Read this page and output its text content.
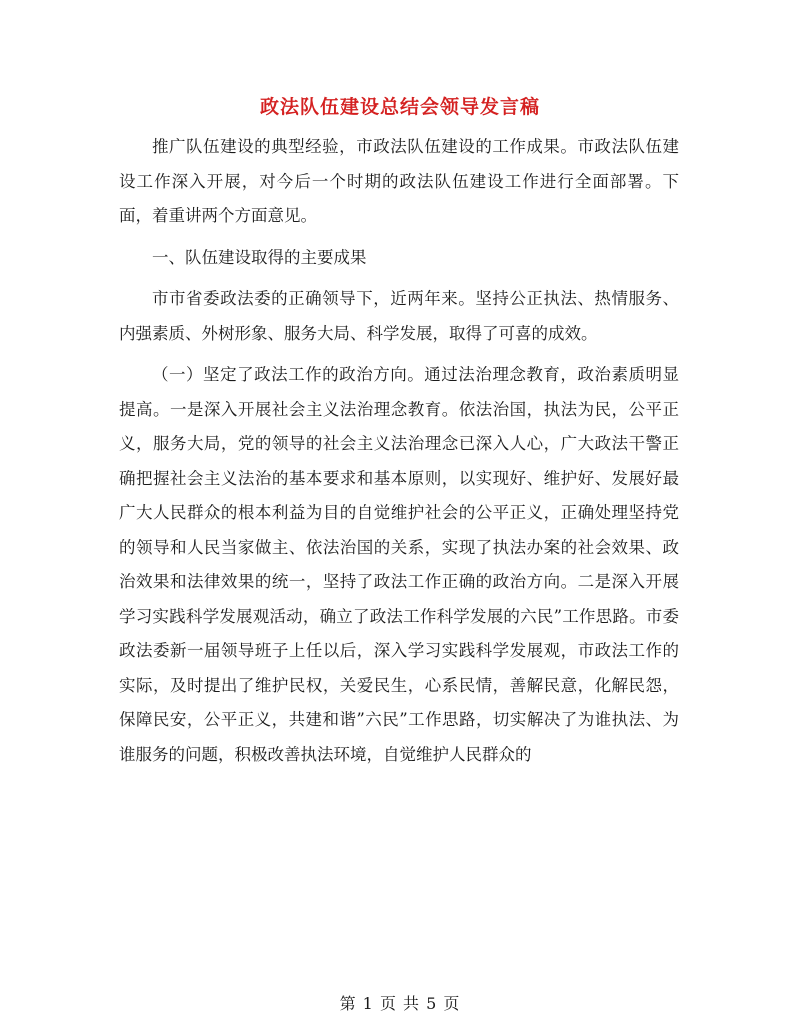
政法队伍建设总结会领导发言稿

推广队伍建设的典型经验，市政法队伍建设的工作成果。市政法队伍建设工作深入开展，对今后一个时期的政法队伍建设工作进行全面部署。下面，着重讲两个方面意见。

一、队伍建设取得的主要成果

市市省委政法委的正确领导下，近两年来。坚持公正执法、热情服务、内强素质、外树形象、服务大局、科学发展，取得了可喜的成效。

（一）坚定了政法工作的政治方向。通过法治理念教育，政治素质明显提高。一是深入开展社会主义法治理念教育。依法治国，执法为民，公平正义，服务大局，党的领导的社会主义法治理念已深入人心，广大政法干警正确把握社会主义法治的基本要求和基本原则，以实现好、维护好、发展好最广大人民群众的根本利益为目的自觉维护社会的公平正义，正确处理坚持党的领导和人民当家做主、依法治国的关系，实现了执法办案的社会效果、政治效果和法律效果的统一，坚持了政法工作正确的政治方向。二是深入开展学习实践科学发展观活动，确立了政法工作科学发展的六民”工作思路。市委政法委新一届领导班子上任以后，深入学习实践科学发展观，市政法工作的实际，及时提出了维护民权，关爱民生，心系民情，善解民意，化解民怨，保障民安，公平正义，共建和谐”六民”工作思路，切实解决了为谁执法、为谁服务的问题，积极改善执法环境，自觉维护人民群众的

第 1 页 共 5 页
